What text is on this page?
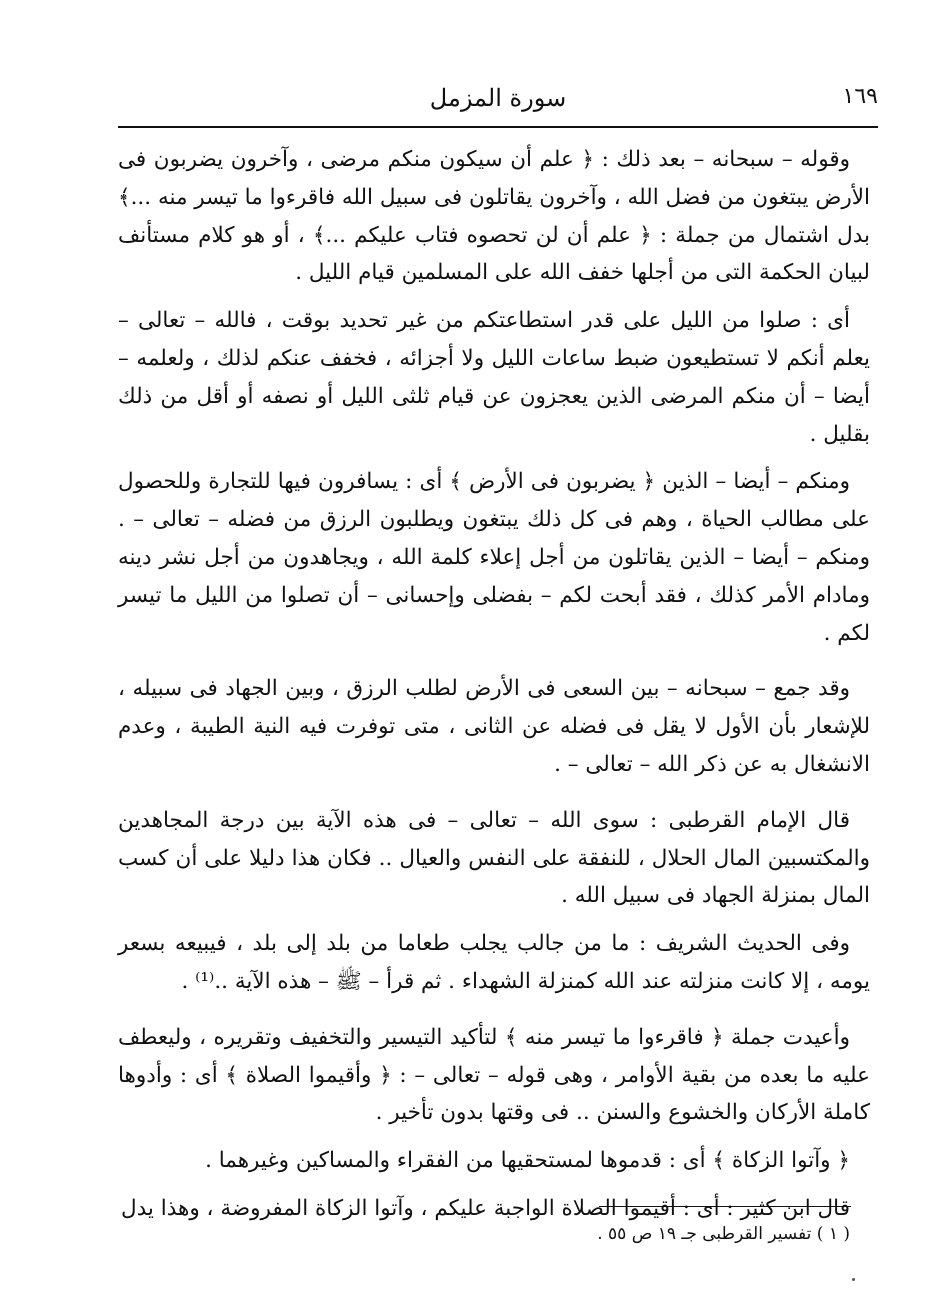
سورة المزمل	١٦٩

وقوله – سبحانه – بعد ذلك : ﴿ علم أن سيكون منكم مرضى ، وآخرون يضربون فى الأرض يبتغون من فضل الله ، وآخرون يقاتلون فى سبيل الله فاقرءوا ما تيسر منه ...﴾ بدل اشتمال من جملة : ﴿ علم أن لن تحصوه فتاب عليكم ...﴾ ، أو هو كلام مستأنف لبيان الحكمة التى من أجلها خفف الله على المسلمين قيام الليل .

أى : صلوا من الليل على قدر استطاعتكم من غير تحديد بوقت ، فالله – تعالى – يعلم أنكم لا تستطيعون ضبط ساعات الليل ولا أجزائه ، فخفف عنكم لذلك ، ولعلمه – أيضا – أن منكم المرضى الذين يعجزون عن قيام ثلثى الليل أو نصفه أو أقل من ذلك بقليل .

ومنكم – أيضا – الذين ﴿ يضربون فى الأرض ﴾ أى : يسافرون فيها للتجارة وللحصول على مطالب الحياة ، وهم فى كل ذلك يبتغون ويطلبون الرزق من فضله – تعالى – . ومنكم – أيضا – الذين يقاتلون من أجل إعلاء كلمة الله ، ويجاهدون من أجل نشر دينه ومادام الأمر كذلك ، فقد أبحت لكم – بفضلى وإحسانى – أن تصلوا من الليل ما تيسر لكم .

وقد جمع – سبحانه – بين السعى فى الأرض لطلب الرزق ، وبين الجهاد فى سبيله ، للإشعار بأن الأول لا يقل فى فضله عن الثانى ، متى توفرت فيه النية الطيبة ، وعدم الانشغال به عن ذكر الله – تعالى – .

قال الإمام القرطبى : سوى الله – تعالى – فى هذه الآية بين درجة المجاهدين والمكتسبين المال الحلال ، للنفقة على النفس والعيال .. فكان هذا دليلا على أن كسب المال بمنزلة الجهاد فى سبيل الله .

وفى الحديث الشريف : ما من جالب يجلب طعاما من بلد إلى بلد ، فيبيعه بسعر يومه ، إلا كانت منزلته عند الله كمنزلة الشهداء . ثم قرأ – ﷺ – هذه الآية ..⁽¹⁾ .

وأعيدت جملة ﴿ فاقرءوا ما تيسر منه ﴾ لتأكيد التيسير والتخفيف وتقريره ، وليعطف عليه ما بعده من بقية الأوامر ، وهى قوله – تعالى – : ﴿ وأقيموا الصلاة ﴾ أى : وأدوها كاملة الأركان والخشوع والسنن .. فى وقتها بدون تأخير .

﴿ وآتوا الزكاة ﴾ أى : قدموها لمستحقيها من الفقراء والمساكين وغيرهما .

قال ابن كثير : أى : أقيموا الصلاة الواجبة عليكم ، وآتوا الزكاة المفروضة ، وهذا يدل

( ١ ) تفسير القرطبى جـ ١٩ ص ٥٥ .
